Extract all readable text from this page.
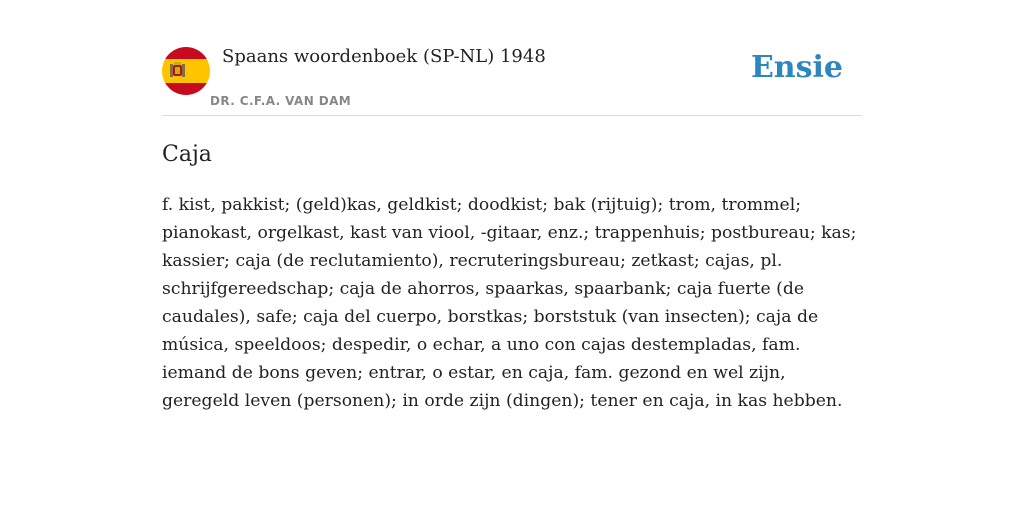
Spaans woordenboek (SP-NL) 1948
DR. C.F.A. VAN DAM
Ensie
Caja
f. kist, pakkist; (geld)kas, geldkist; doodkist; bak (rijtuig); trom, trommel; pianokast, orgelkast, kast van viool, -gitaar, enz.; trappenhuis; postbureau; kas; kassier; caja (de reclutamiento), recruteringsbureau; zetkast; cajas, pl. schrijfgereedschap; caja de ahorros, spaarkas, spaarbank; caja fuerte (de caudales), safe; caja del cuerpo, borstkas; borststuk (van insecten); caja de música, speeldoos; despedir, o echar, a uno con cajas destempladas, fam. iemand de bons geven; entrar, o estar, en caja, fam. gezond en wel zijn, geregeld leven (personen); in orde zijn (dingen); tener en caja, in kas hebben.
